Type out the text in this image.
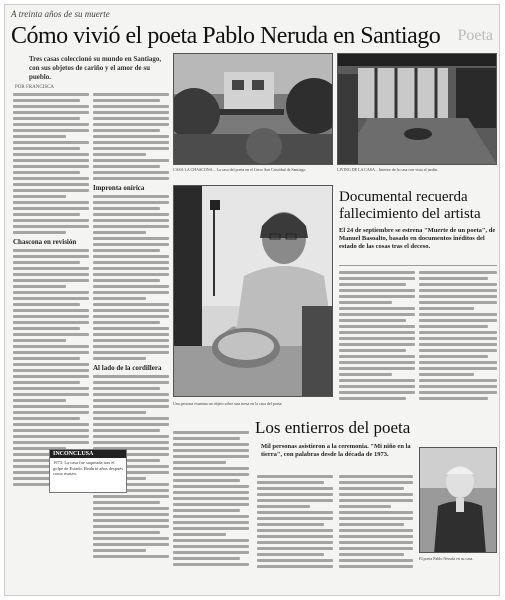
A treinta años de su muerte
Cómo vivió el poeta Pablo Neruda en Santiago	Poeta
Tres casas coleccionó su mundo en Santiago, con sus objetos de cariño y el amor de su pueblo.
POR FRANCISCA
Chascona en revisión
Impronta onírica
Al lado de la cordillera
INCONCLUSA
1973: La casa fue saqueada tras el golpe de Estado. Reabrió años después como museo.
CASA LA CHASCONA... La casa del poeta en el Cerro San Cristóbal de Santiago.	LIVING DE LA CASA... Interior de la casa con vista al jardín.
Una persona examina un objeto sobre una mesa en la casa del poeta.
Documental recuerda fallecimiento del artista
El 24 de septiembre se estrena "Muerte de un poeta", de Manuel Basoalto, basado en documentos inéditos del estado de las cosas tras el deceso.
Los entierros del poeta
Mil personas asistieron a la ceremonia. "Mi niño en la tierra", con palabras desde la década de 1973.
El poeta Pablo Neruda en su casa.
